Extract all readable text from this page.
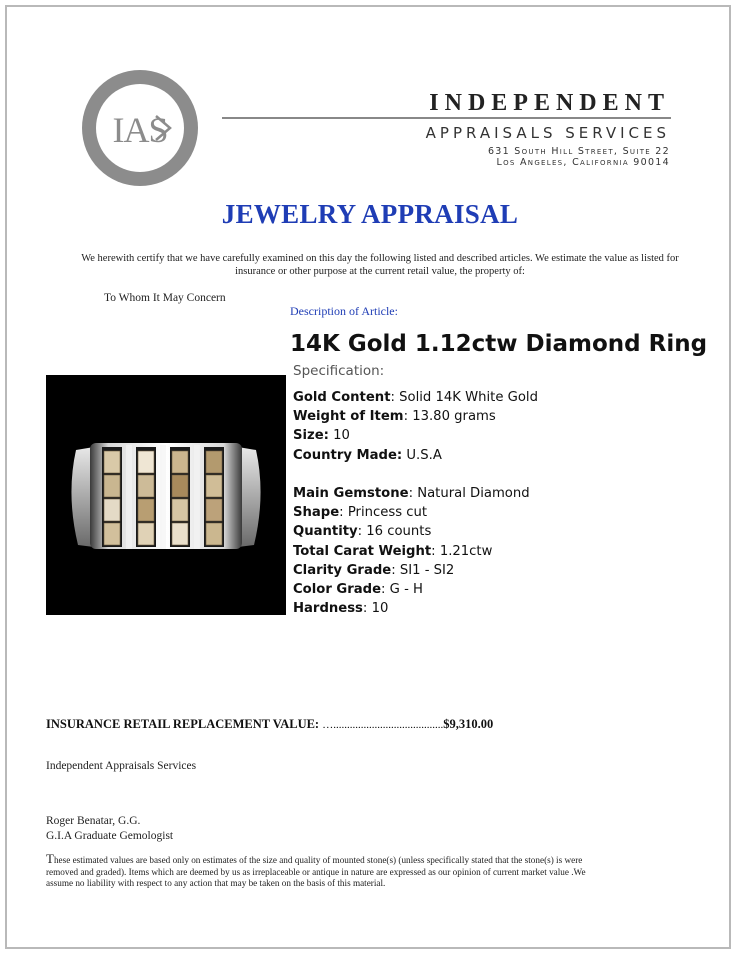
IAS
Appraisal
INDEPENDENT
APPRAISALS SERVICES
631 South Hill Street, Suite 22
Los Angeles, California 90014
JEWELRY APPRAISAL
We herewith certify that we have carefully examined on this day the following listed and described articles. We estimate the value as listed for insurance or other purpose at the current retail value, the property of:
To Whom It May Concern
Description of Article:
14K Gold 1.12ctw Diamond Ring
Specification:
Gold Content: Solid 14K White Gold
Weight of Item: 13.80 grams
Size: 10
Country Made: U.S.A
Main Gemstone: Natural Diamond
Shape: Princess cut
Quantity: 16 counts
Total Carat Weight: 1.21ctw
Clarity Grade: SI1 - SI2
Color Grade: G - H
Hardness: 10
INSURANCE RETAIL REPLACEMENT VALUE: …........................................$9,310.00
Independent Appraisals Services
Roger Benatar, G.G.
G.I.A Graduate Gemologist
These estimated values are based only on estimates of the size and quality of mounted stone(s) (unless specifically stated that the stone(s) is were removed and graded). Items which are deemed by us as irreplaceable or antique in nature are expressed as our opinion of current market value .We assume no liability with respect to any action that may be taken on the basis of this material.
